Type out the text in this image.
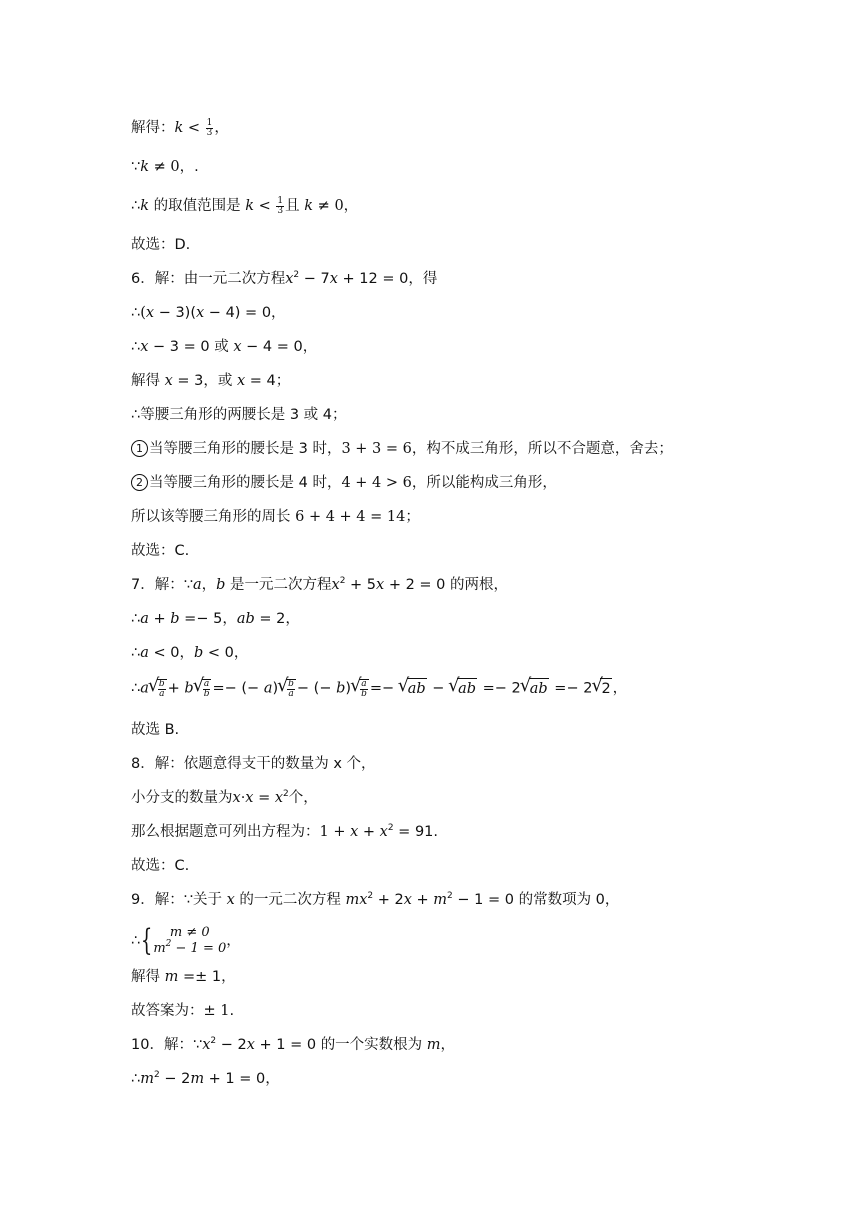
解得：$k < \frac{1}{3}$ ，
∵k ≠ 0，.
∴k 的取值范围是 $k < \frac{1}{3}$ 且 k ≠ 0，
故选：D.
6．解：由一元二次方程$x^2 - 7x + 12 = 0$，得
∴(x − 3)(x − 4) = 0，
∴x − 3 = 0 或 x − 4 = 0，
解得 x = 3，或 x = 4；
∴等腰三角形的两腰长是 3 或 4；
1 当等腰三角形的腰长是 3 时，3 + 3 = 6，构不成三角形，所以不合题意，舍去；
2 当等腰三角形的腰长是 4 时，4 + 4 > 6，所以能构成三角形，
所以该等腰三角形的周长 6 + 4 + 4 = 14；
故选：C.
7．解：∵a，b 是一元二次方程$x^2 + 5x + 2 = 0$ 的两根，
∴a + b =− 5，ab = 2，
∴a < 0，b < 0，
∴a √ $\frac{b}{a} + b$ √ $\frac{a}{b}$ =− (− a) √ $\frac{b}{a}$ − (− b) √ $\frac{a}{b}$ =− √ ab − √ ab =− 2 √ ab =− 2 √ 2 ，
故选 B.
8．解：依题意得支干的数量为 x 个，
小分支的数量为$x\cdot x = x^2$个，
那么根据题意可列出方程为：$1 + x + x^2 = 91$.
故选：C.
9．解：∵关于 x 的一元二次方程 $mx^2 + 2x + m^2 - 1 = 0$ 的常数项为 0，
∴{	m ≠ 0
$m^2 - 1 = 0$ ，
解得 m =± 1，
故答案为：± 1.
10．解：$\because x^2 - 2x + 1 = 0$ 的一个实数根为 m，
$\therefore m^2 - 2m + 1 = 0$，
